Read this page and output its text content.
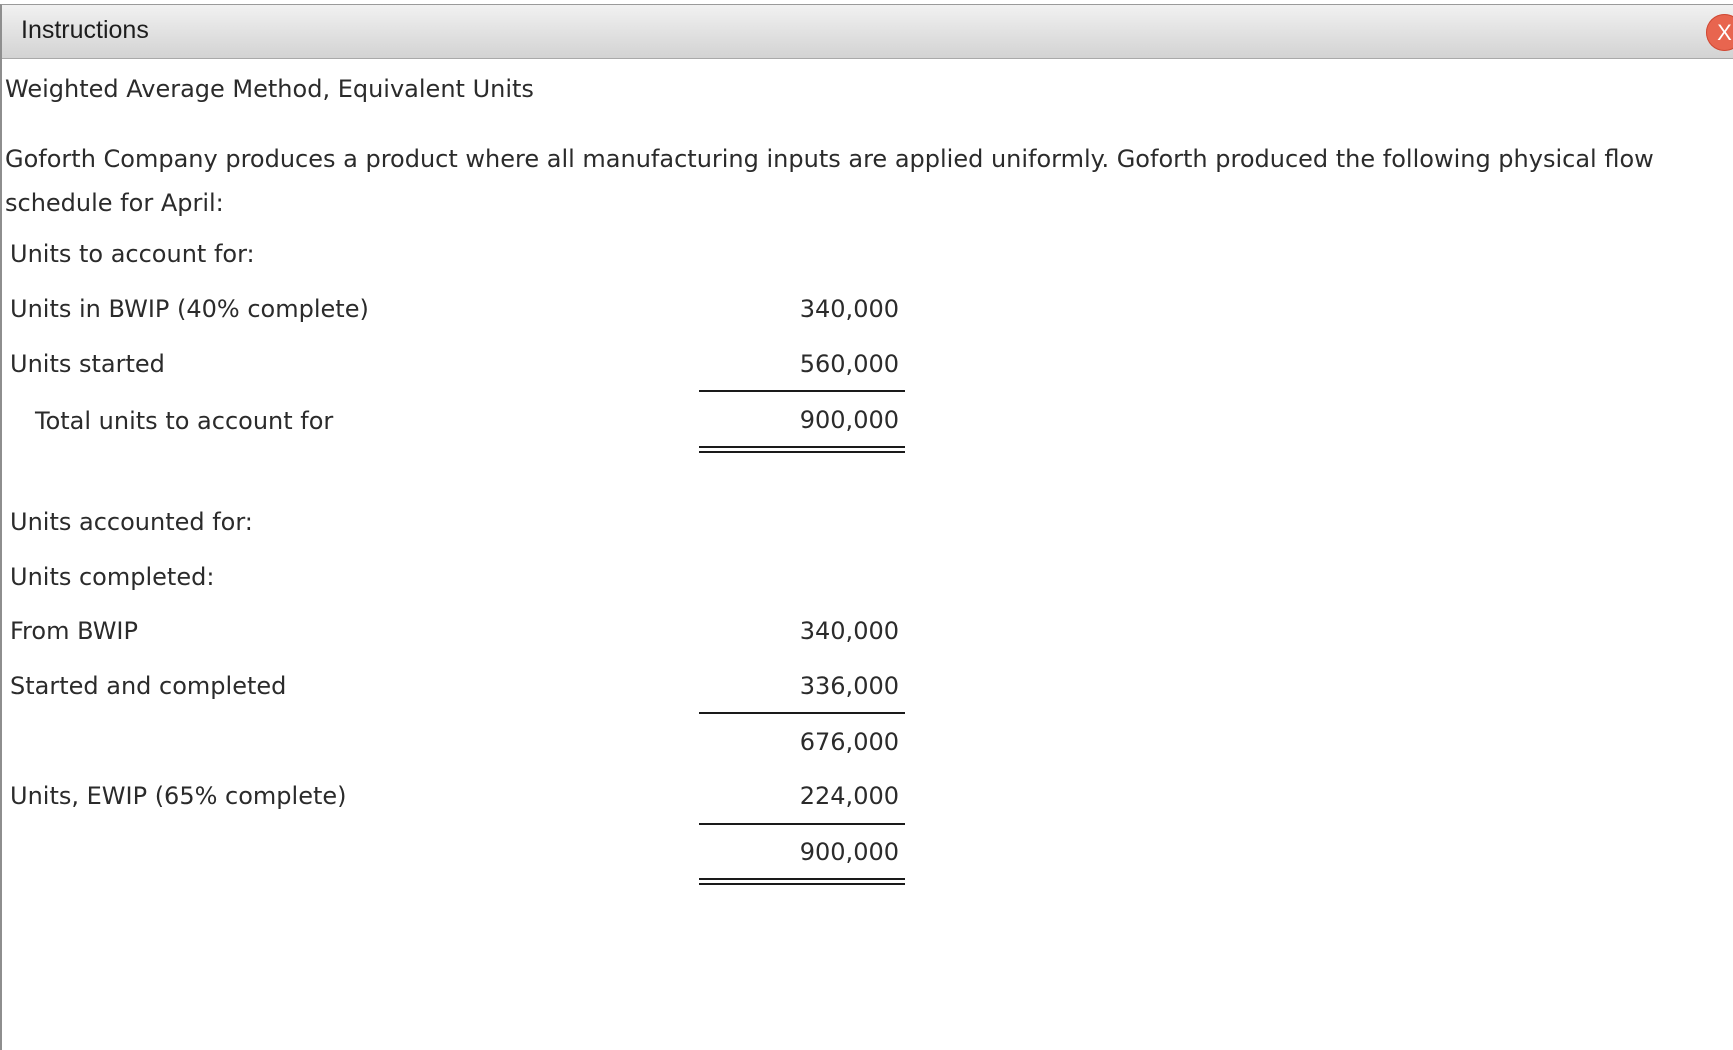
Instructions	X
Weighted Average Method, Equivalent Units
Goforth Company produces a product where all manufacturing inputs are applied uniformly. Goforth produced the following physical flow schedule for April:
Units to account for:
Units in BWIP (40% complete)	340,000
Units started	560,000
Total units to account for	900,000
Units accounted for:
Units completed:
From BWIP	340,000
Started and completed	336,000
676,000
Units, EWIP (65% complete)	224,000
900,000
